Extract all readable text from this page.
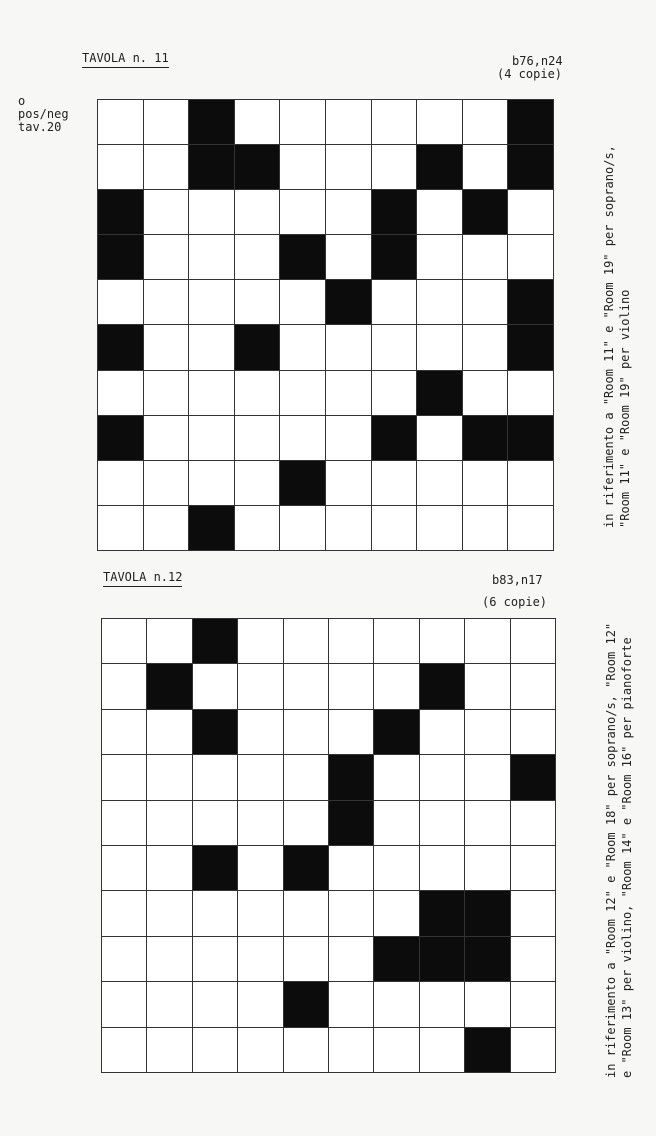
TAVOLA n. 11	b76,n24
(4 copie)
o
pos/neg
tav.20
in riferimento a "Room 11" e "Room 19" per soprano/s, "Room 11" e "Room 19" per violino
TAVOLA n.12	b83,n17
(6 copie)
in riferimento a "Room 12" e "Room 18" per soprano/s, "Room 12" e "Room 13" per violino, "Room 14" e "Room 16" per pianoforte
